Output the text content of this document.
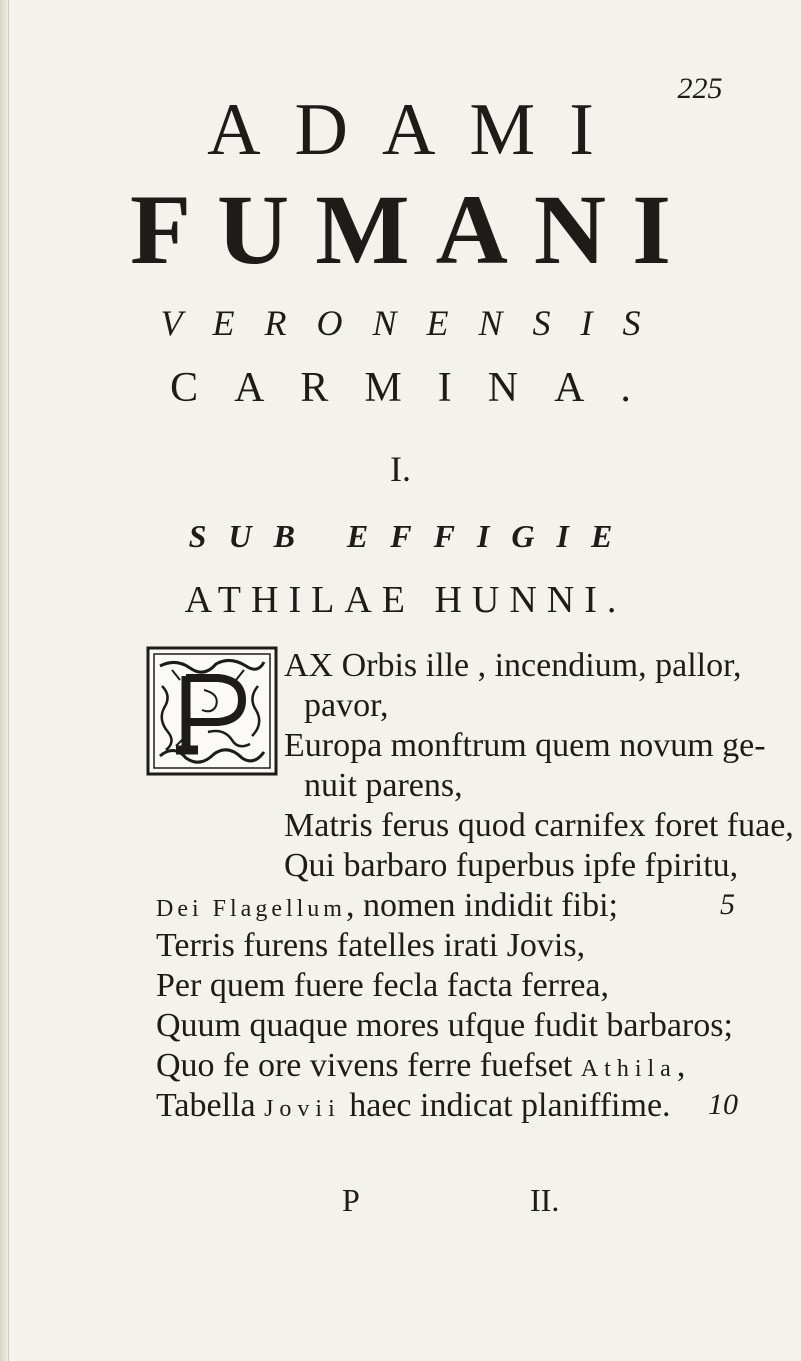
225
ADAMI
FUMANI
VERONENSIS
CARMINA.
I.
SUB EFFIGIE
ATHILAE HUNNI.
AX Orbis ille , incendium, pallor,
pavor,
Europa monftrum quem novum ge-
nuit parens,
Matris ferus quod carnifex foret fuae,
Qui barbaro fuperbus ipfe fpiritu,
Dei Flagellum, nomen indidit fibi;	5
Terris furens fatelles irati Jovis,
Per quem fuere fecla facta ferrea,
Quum quaque mores ufque fudit barbaros;
Quo fe ore vivens ferre fuefset Athila,
Tabella Jovii haec indicat planiffime. 10
P	II.
